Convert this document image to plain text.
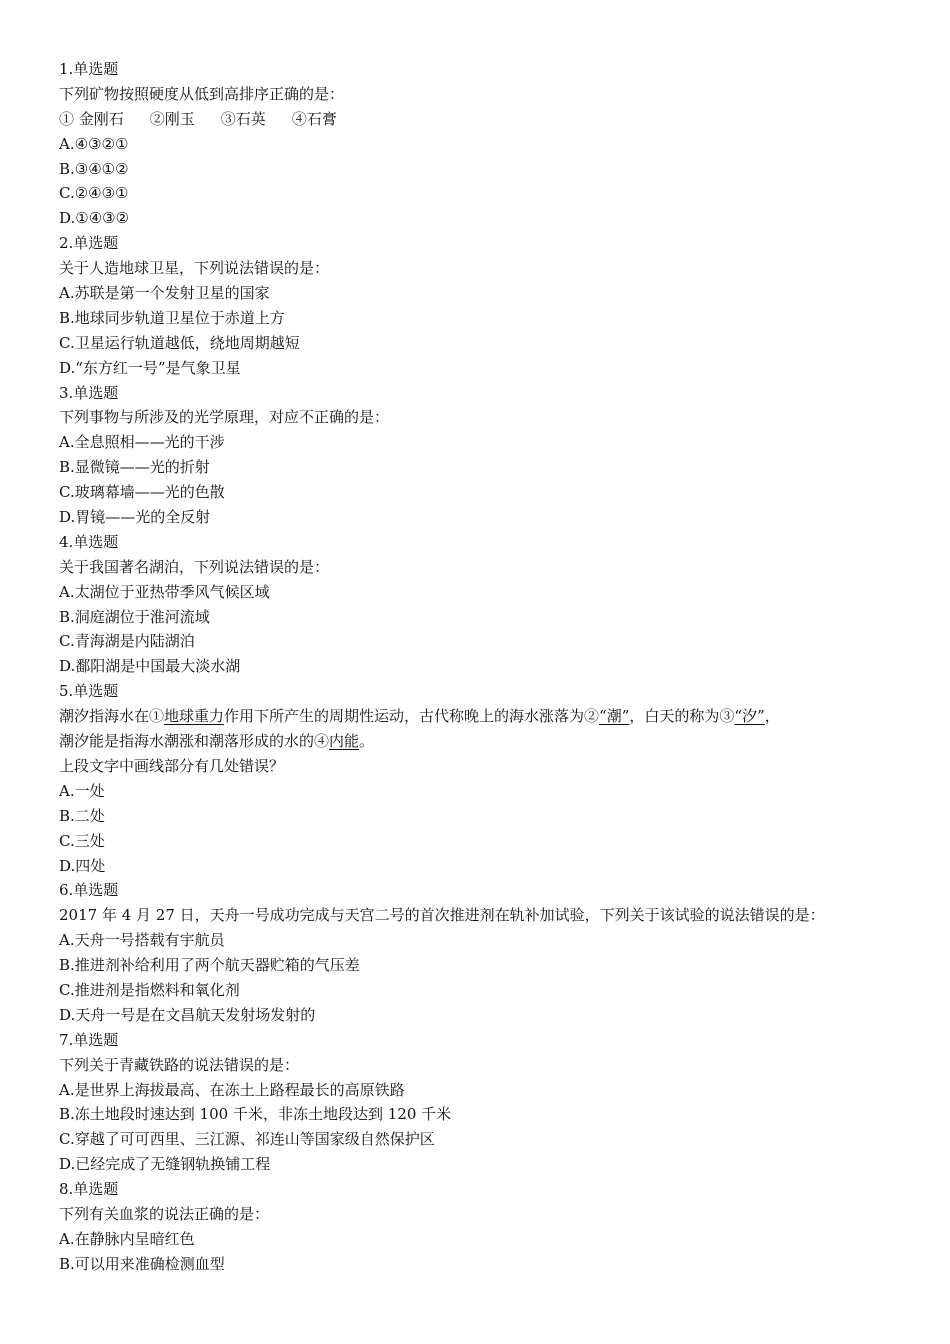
1.单选题
下列矿物按照硬度从低到高排序正确的是：
① 金刚石 ②刚玉 ③石英 ④石膏
A.④③②①
B.③④①②
C.②④③①
D.①④③②
2.单选题
关于人造地球卫星，下列说法错误的是：
A.苏联是第一个发射卫星的国家
B.地球同步轨道卫星位于赤道上方
C.卫星运行轨道越低，绕地周期越短
D.“东方红一号”是气象卫星
3.单选题
下列事物与所涉及的光学原理，对应不正确的是：
A.全息照相——光的干涉
B.显微镜——光的折射
C.玻璃幕墙——光的色散
D.胃镜——光的全反射
4.单选题
关于我国著名湖泊，下列说法错误的是：
A.太湖位于亚热带季风气候区域
B.洞庭湖位于淮河流域
C.青海湖是内陆湖泊
D.鄱阳湖是中国最大淡水湖
5.单选题
潮汐指海水在①地球重力作用下所产生的周期性运动，古代称晚上的海水涨落为②“潮”，白天的称为③“汐”，
潮汐能是指海水潮涨和潮落形成的水的④内能。
上段文字中画线部分有几处错误？
A.一处
B.二处
C.三处
D.四处
6.单选题
2017 年 4 月 27 日，天舟一号成功完成与天宫二号的首次推进剂在轨补加试验，下列关于该试验的说法错误的是：
A.天舟一号搭载有宇航员
B.推进剂补给利用了两个航天器贮箱的气压差
C.推进剂是指燃料和氧化剂
D.天舟一号是在文昌航天发射场发射的
7.单选题
下列关于青藏铁路的说法错误的是：
A.是世界上海拔最高、在冻土上路程最长的高原铁路
B.冻土地段时速达到 100 千米，非冻土地段达到 120 千米
C.穿越了可可西里、三江源、祁连山等国家级自然保护区
D.已经完成了无缝钢轨换铺工程
8.单选题
下列有关血浆的说法正确的是：
A.在静脉内呈暗红色
B.可以用来准确检测血型
